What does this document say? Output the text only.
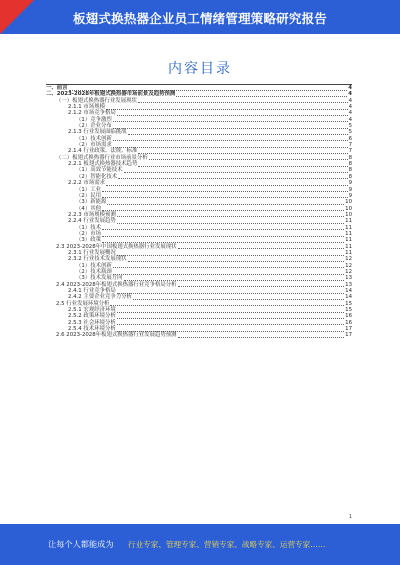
板翅式换热器企业员工情绪管理策略研究报告
内容目录
一、前言	4
二、2023-2028年板翅式换热器市场前景及趋势预测	4
（一）板翅式换热器行业发展现状	4
2.1.1 市场规模	4
2.1.2 市场竞争格局	4
（1）竞争激烈	4
（2）企业分布	5
2.1.3 行业发展面临挑战	5
（1）技术创新	6
（2）市场需求	7
2.1.4 行业政策、法规、标准	7
（二）板翅式换热器行业市场前景分析	8
2.2.1 板翅式换热器技术趋势	8
（1）高效节能技术	8
（2）智能化技术	8
2.2.2 市场需求	9
（1）工业	9
（2）民用	9
（3）新能源	10
（4）其他	10
2.2.3 市场规模预测	10
2.2.4 行业发展趋势	11
（1）技术	11
（2）市场	11
（3）政策	11
2.3 2023-2028年中国板翅式换热器行业发展现状	11
2.3.1 行业发展概况	11
2.3.2 行业技术发展现状	12
（1）技术创新	12
（2）技术瓶颈	12
（3）技术发展方向	13
2.4 2023-2028年板翅式换热器行业竞争格局分析	13
2.4.1 行业竞争格局	14
2.4.2 主要企业竞争力分析	14
2.5 行业发展环境分析	15
2.5.1 宏观经济环境	15
2.5.2 政策环境分析	16
2.5.3 社会环境分析	16
2.5.4 技术环境分析	17
2.6 2023-2028年板翅式换热器行业发展趋势预测	17
1
让每个人都能成为 行业专家、管理专家、营销专家、战略专家、运营专家……
